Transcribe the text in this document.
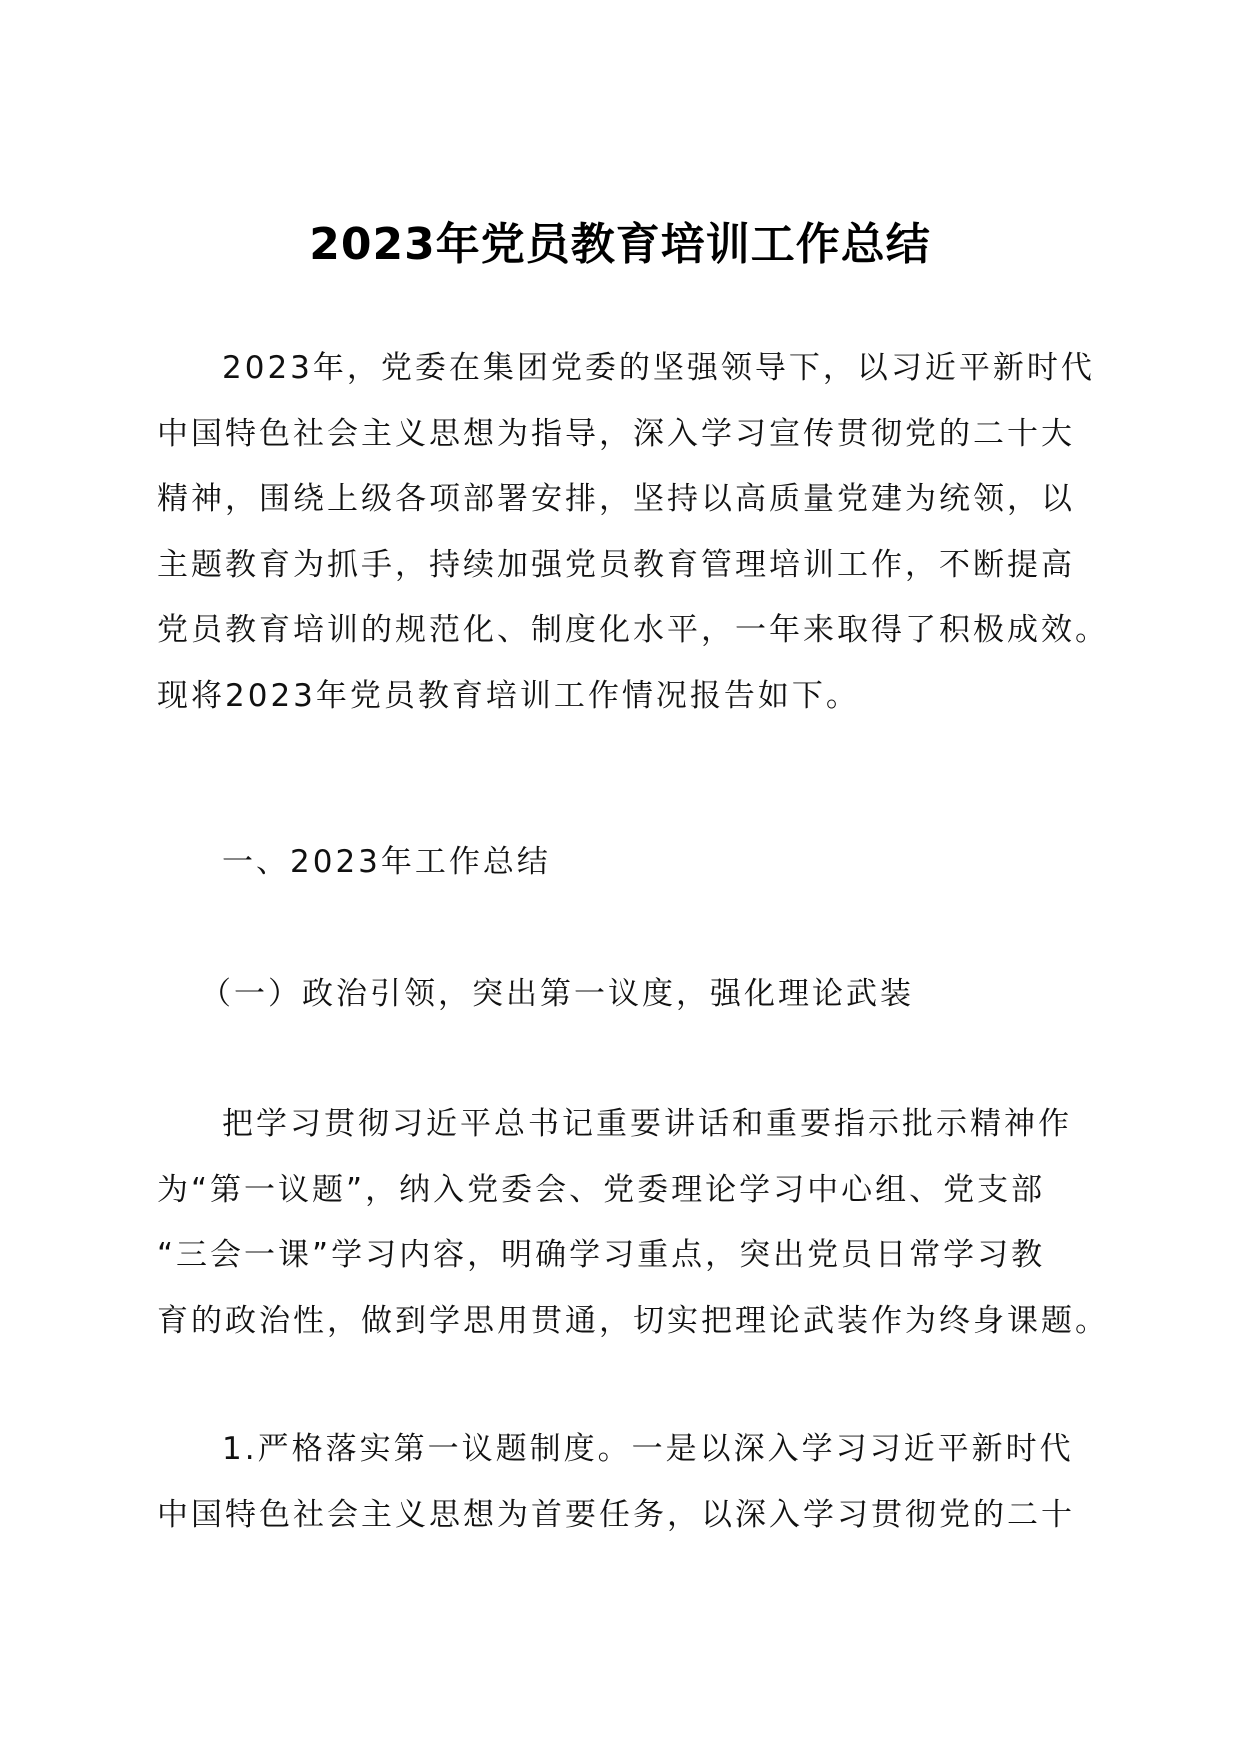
2023年党员教育培训工作总结
2023年，党委在集团党委的坚强领导下，以习近平新时代
中国特色社会主义思想为指导，深入学习宣传贯彻党的二十大
精神，围绕上级各项部署安排，坚持以高质量党建为统领，以
主题教育为抓手，持续加强党员教育管理培训工作，不断提高
党员教育培训的规范化、制度化水平，一年来取得了积极成效。
现将2023年党员教育培训工作情况报告如下。
一、2023年工作总结
（一）政治引领，突出第一议度，强化理论武装
把学习贯彻习近平总书记重要讲话和重要指示批示精神作
为“第一议题”，纳入党委会、党委理论学习中心组、党支部
“三会一课”学习内容，明确学习重点，突出党员日常学习教
育的政治性，做到学思用贯通，切实把理论武装作为终身课题。
1.严格落实第一议题制度。一是以深入学习习近平新时代
中国特色社会主义思想为首要任务，以深入学习贯彻党的二十
